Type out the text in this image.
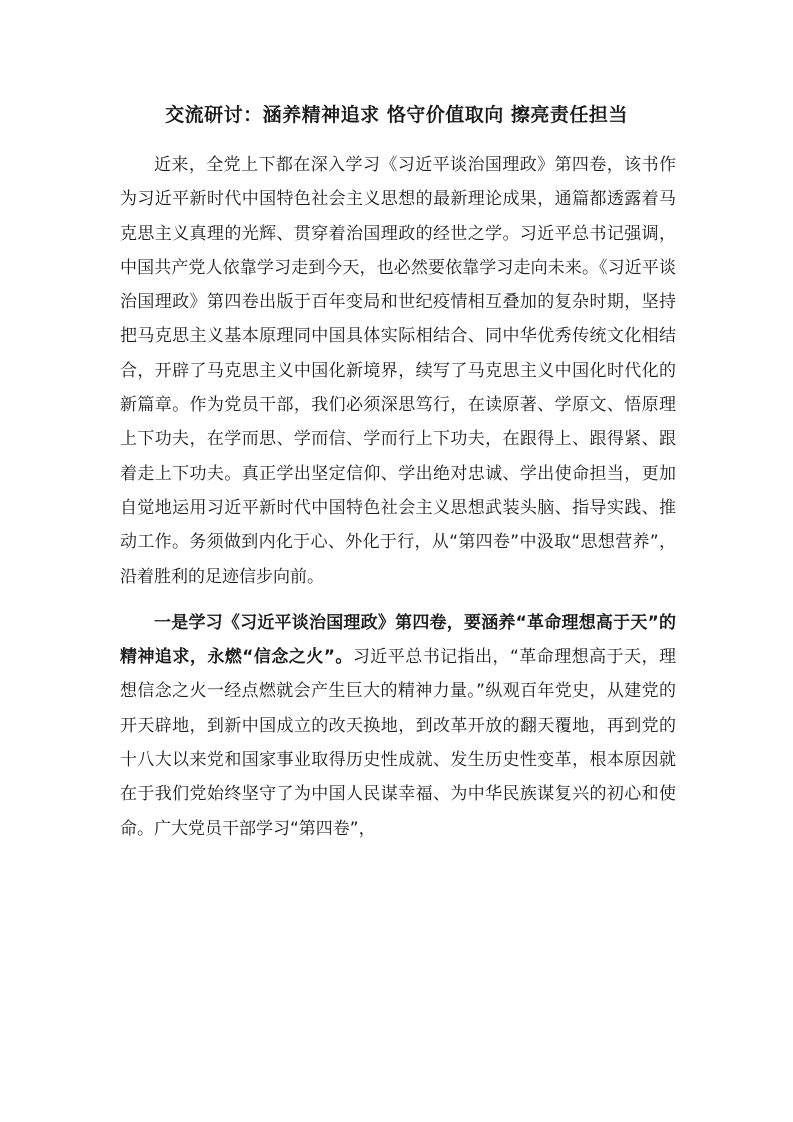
交流研讨：涵养精神追求 恪守价值取向 擦亮责任担当

近来，全党上下都在深入学习《习近平谈治国理政》第四卷，该书作为习近平新时代中国特色社会主义思想的最新理论成果，通篇都透露着马克思主义真理的光辉、贯穿着治国理政的经世之学。习近平总书记强调，中国共产党人依靠学习走到今天，也必然要依靠学习走向未来。《习近平谈治国理政》第四卷出版于百年变局和世纪疫情相互叠加的复杂时期，坚持把马克思主义基本原理同中国具体实际相结合、同中华优秀传统文化相结合，开辟了马克思主义中国化新境界，续写了马克思主义中国化时代化的新篇章。作为党员干部，我们必须深思笃行，在读原著、学原文、悟原理上下功夫，在学而思、学而信、学而行上下功夫，在跟得上、跟得紧、跟着走上下功夫。真正学出坚定信仰、学出绝对忠诚、学出使命担当，更加自觉地运用习近平新时代中国特色社会主义思想武装头脑、指导实践、推动工作。务须做到内化于心、外化于行，从“第四卷”中汲取“思想营养”，沿着胜利的足迹信步向前。

一是学习《习近平谈治国理政》第四卷，要涵养“革命理想高于天”的精神追求，永燃“信念之火”。习近平总书记指出，“革命理想高于天，理想信念之火一经点燃就会产生巨大的精神力量。”纵观百年党史，从建党的开天辟地，到新中国成立的改天换地，到改革开放的翻天覆地，再到党的十八大以来党和国家事业取得历史性成就、发生历史性变革，根本原因就在于我们党始终坚守了为中国人民谋幸福、为中华民族谋复兴的初心和使命。广大党员干部学习“第四卷”，
